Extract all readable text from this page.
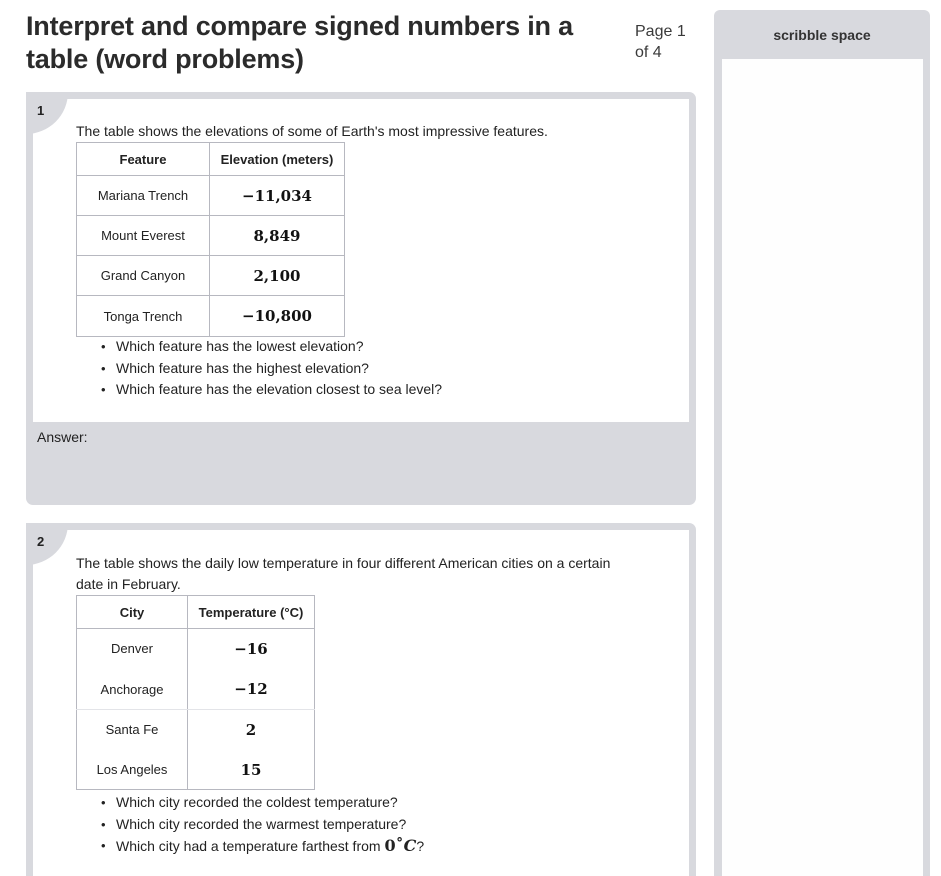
Interpret and compare signed numbers in a table (word problems)
Page 1 of 4
scribble space
The table shows the elevations of some of Earth's most impressive features.
Feature	Elevation (meters)
Mariana Trench	−11,034
Mount Everest	8,849
Grand Canyon	2,100
Tonga Trench	−10,800
• Which feature has the lowest elevation?
• Which feature has the highest elevation?
• Which feature has the elevation closest to sea level?
1
Answer:
The table shows the daily low temperature in four different American cities on a certain date in February.
City	Temperature (°C)
Denver	−16
Anchorage	−12
Santa Fe	2
Los Angeles	15
• Which city recorded the coldest temperature?
• Which city recorded the warmest temperature?
• Which city had a temperature farthest from 0˚C?
2
